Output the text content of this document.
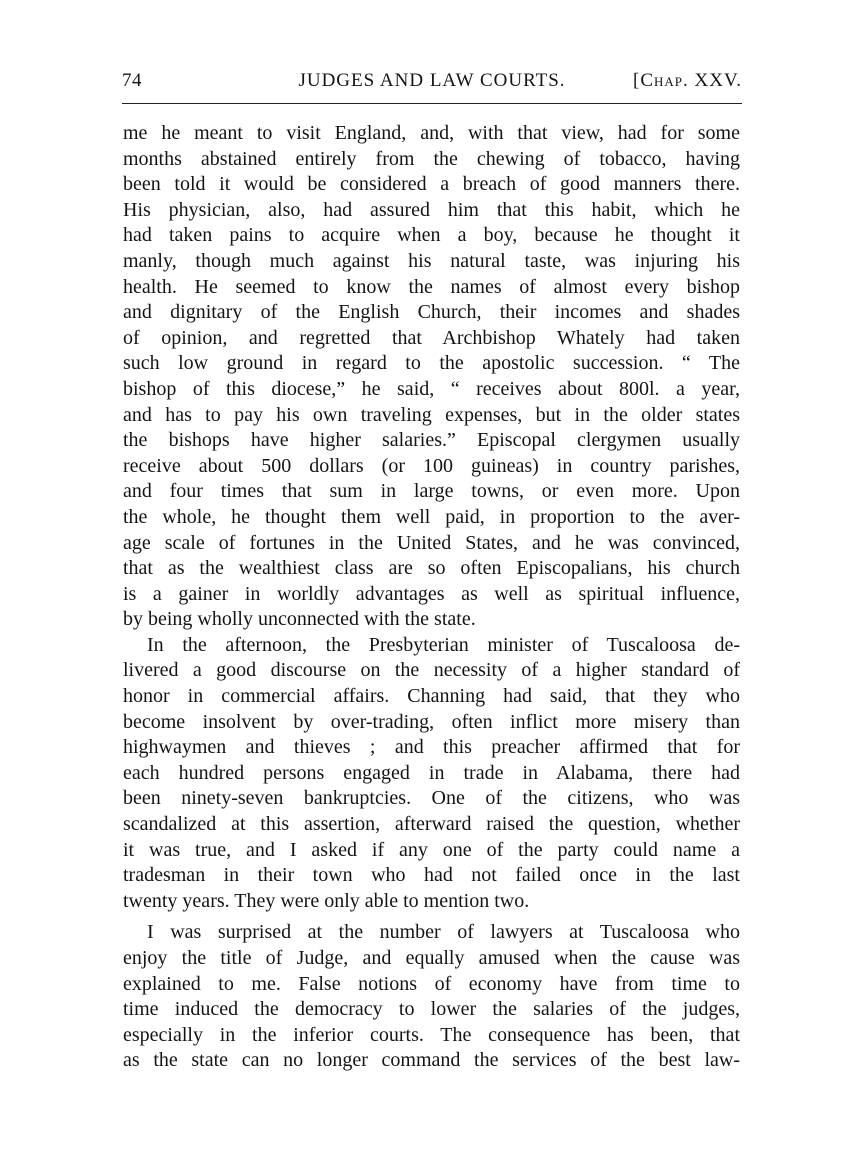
74	JUDGES AND LAW COURTS.	[Chap. XXV.
me he meant to visit England, and, with that view, had for some
months abstained entirely from the chewing of tobacco, having
been told it would be considered a breach of good manners there.
His physician, also, had assured him that this habit, which he
had taken pains to acquire when a boy, because he thought it
manly, though much against his natural taste, was injuring his
health. He seemed to know the names of almost every bishop
and dignitary of the English Church, their incomes and shades
of opinion, and regretted that Archbishop Whately had taken
such low ground in regard to the apostolic succession. “ The
bishop of this diocese,” he said, “ receives about 800l. a year,
and has to pay his own traveling expenses, but in the older states
the bishops have higher salaries.” Episcopal clergymen usually
receive about 500 dollars (or 100 guineas) in country parishes,
and four times that sum in large towns, or even more. Upon
the whole, he thought them well paid, in proportion to the aver-
age scale of fortunes in the United States, and he was convinced,
that as the wealthiest class are so often Episcopalians, his church
is a gainer in worldly advantages as well as spiritual influence,
by being wholly unconnected with the state.
In the afternoon, the Presbyterian minister of Tuscaloosa de-
livered a good discourse on the necessity of a higher standard of
honor in commercial affairs. Channing had said, that they who
become insolvent by over-trading, often inflict more misery than
highwaymen and thieves ; and this preacher affirmed that for
each hundred persons engaged in trade in Alabama, there had
been ninety-seven bankruptcies. One of the citizens, who was
scandalized at this assertion, afterward raised the question, whether
it was true, and I asked if any one of the party could name a
tradesman in their town who had not failed once in the last
twenty years. They were only able to mention two.
I was surprised at the number of lawyers at Tuscaloosa who
enjoy the title of Judge, and equally amused when the cause was
explained to me. False notions of economy have from time to
time induced the democracy to lower the salaries of the judges,
especially in the inferior courts. The consequence has been, that
as the state can no longer command the services of the best law-
